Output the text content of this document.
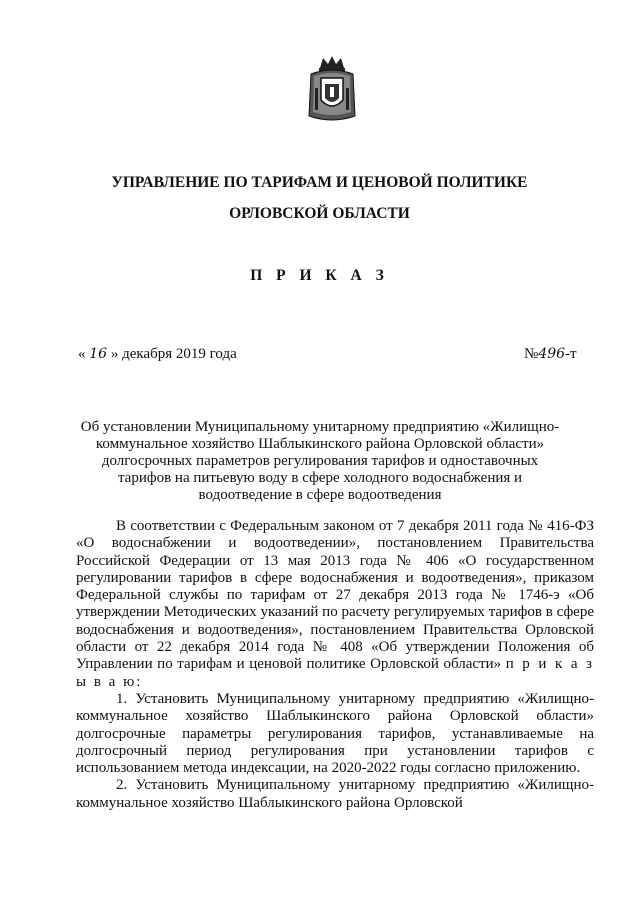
УПРАВЛЕНИЕ ПО ТАРИФАМ И ЦЕНОВОЙ ПОЛИТИКЕ
ОРЛОВСКОЙ ОБЛАСТИ
П Р И К А З
« 16 » декабря 2019 года	№496-т
Об установлении Муниципальному унитарному предприятию «Жилищно-коммунальное хозяйство Шаблыкинского района Орловской области» долгосрочных параметров регулирования тарифов и одноставочных тарифов на питьевую воду в сфере холодного водоснабжения и водоотведение в сфере водоотведения

В соответствии с Федеральным законом от 7 декабря 2011 года № 416-ФЗ «О водоснабжении и водоотведении», постановлением Правительства Российской Федерации от 13 мая 2013 года № 406 «О государственном регулировании тарифов в сфере водоснабжения и водоотведения», приказом Федеральной службы по тарифам от 27 декабря 2013 года № 1746-э «Об утверждении Методических указаний по расчету регулируемых тарифов в сфере водоснабжения и водоотведения», постановлением Правительства Орловской области от 22 декабря 2014 года № 408 «Об утверждении Положения об Управлении по тарифам и ценовой политике Орловской области» п р и к а з ы в а ю:

1. Установить Муниципальному унитарному предприятию «Жилищно-коммунальное хозяйство Шаблыкинского района Орловской области» долгосрочные параметры регулирования тарифов, устанавливаемые на долгосрочный период регулирования при установлении тарифов с использованием метода индексации, на 2020-2022 годы согласно приложению.

2. Установить Муниципальному унитарному предприятию «Жилищно-коммунальное хозяйство Шаблыкинского района Орловской
